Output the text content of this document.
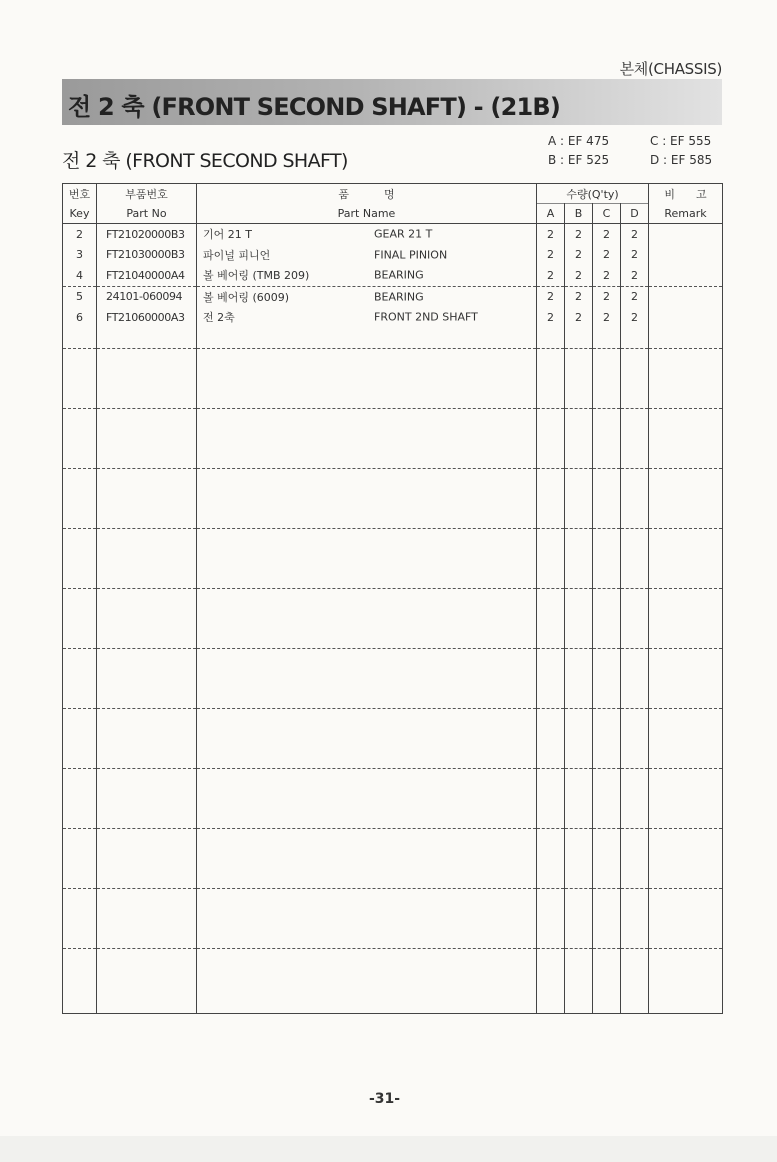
본체(CHASSIS)
전 2 축 (FRONT SECOND SHAFT) - (21B)
전 2 축 (FRONT SECOND SHAFT)
A : EF 475
B : EF 525
C : EF 555
D : EF 585
번호	부품번호	품          명	수량(Q'ty)				비      고
Key	Part No	Part Name	A	B	C	D	Remark
2	FT21020000B3	기어 21 T GEAR 21 T	2	2	2	2	
3	FT21030000B3	파이널 피니언 FINAL PINION	2	2	2	2	
4	FT21040000A4	볼 베어링 (TMB 209) BEARING	2	2	2	2	
5	24101-060094	볼 베어링 (6009) BEARING	2	2	2	2	
6	FT21060000A3	전 2축 FRONT 2ND SHAFT	2	2	2	2	

-31-
